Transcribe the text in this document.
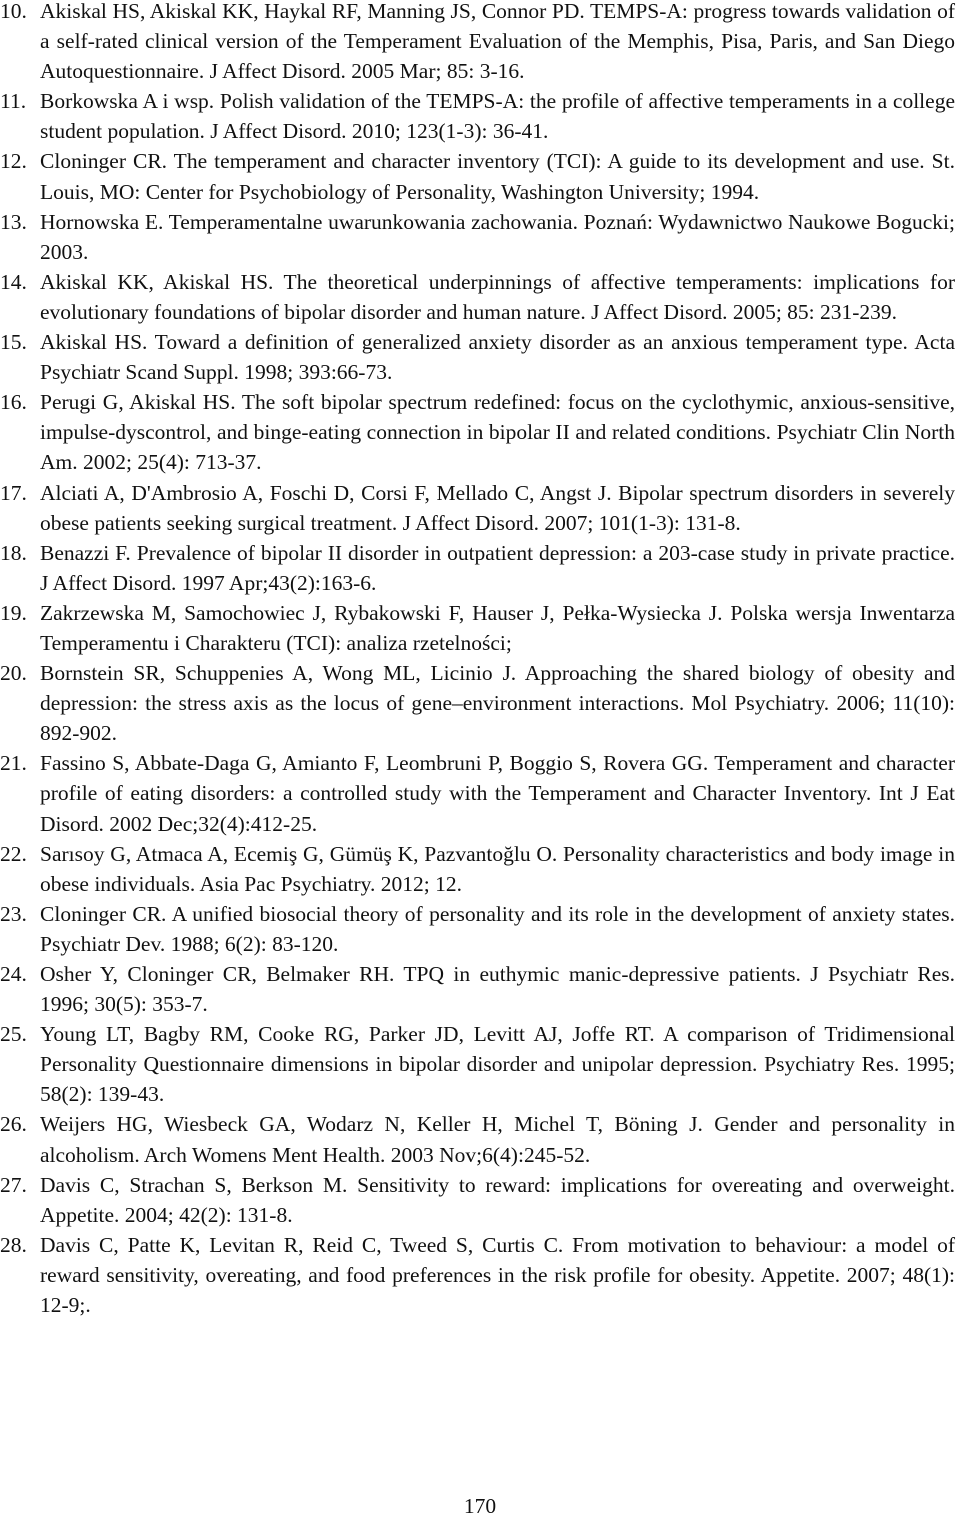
10. Akiskal HS, Akiskal KK, Haykal RF, Manning JS, Connor PD. TEMPS-A: progress towards validation of a self-rated clinical version of the Temperament Evaluation of the Memphis, Pisa, Paris, and San Diego Autoquestionnaire. J Affect Disord. 2005 Mar; 85: 3-16.
11. Borkowska A i wsp. Polish validation of the TEMPS-A: the profile of affective temperaments in a college student population. J Affect Disord. 2010; 123(1-3): 36-41.
12. Cloninger CR. The temperament and character inventory (TCI): A guide to its development and use. St. Louis, MO: Center for Psychobiology of Personality, Washington University; 1994.
13. Hornowska E. Temperamentalne uwarunkowania zachowania. Poznań: Wydawnictwo Naukowe Bogucki; 2003.
14. Akiskal KK, Akiskal HS. The theoretical underpinnings of affective temperaments: implications for evolutionary foundations of bipolar disorder and human nature. J Affect Disord. 2005; 85: 231-239.
15. Akiskal HS. Toward a definition of generalized anxiety disorder as an anxious temperament type. Acta Psychiatr Scand Suppl. 1998; 393:66-73.
16. Perugi G, Akiskal HS. The soft bipolar spectrum redefined: focus on the cyclothymic, anxious-sensitive, impulse-dyscontrol, and binge-eating connection in bipolar II and related conditions. Psychiatr Clin North Am. 2002; 25(4): 713-37.
17. Alciati A, D'Ambrosio A, Foschi D, Corsi F, Mellado C, Angst J. Bipolar spectrum disorders in severely obese patients seeking surgical treatment. J Affect Disord. 2007; 101(1-3): 131-8.
18. Benazzi F. Prevalence of bipolar II disorder in outpatient depression: a 203-case study in private practice. J Affect Disord. 1997 Apr;43(2):163-6.
19. Zakrzewska M, Samochowiec J, Rybakowski F, Hauser J, Pełka-Wysiecka J. Polska wersja Inwentarza Temperamentu i Charakteru (TCI): analiza rzetelności;
20. Bornstein SR, Schuppenies A, Wong ML, Licinio J. Approaching the shared biology of obesity and depression: the stress axis as the locus of gene–environment interactions. Mol Psychiatry. 2006; 11(10): 892-902.
21. Fassino S, Abbate-Daga G, Amianto F, Leombruni P, Boggio S, Rovera GG. Temperament and character profile of eating disorders: a controlled study with the Temperament and Character Inventory. Int J Eat Disord. 2002 Dec;32(4):412-25.
22. Sarısoy G, Atmaca A, Ecemiş G, Gümüş K, Pazvantoğlu O. Personality characteristics and body image in obese individuals. Asia Pac Psychiatry. 2012; 12.
23. Cloninger CR. A unified biosocial theory of personality and its role in the development of anxiety states. Psychiatr Dev. 1988; 6(2): 83-120.
24. Osher Y, Cloninger CR, Belmaker RH. TPQ in euthymic manic-depressive patients. J Psychiatr Res. 1996; 30(5): 353-7.
25. Young LT, Bagby RM, Cooke RG, Parker JD, Levitt AJ, Joffe RT. A comparison of Tridimensional Personality Questionnaire dimensions in bipolar disorder and unipolar depression. Psychiatry Res. 1995; 58(2): 139-43.
26. Weijers HG, Wiesbeck GA, Wodarz N, Keller H, Michel T, Böning J. Gender and personality in alcoholism. Arch Womens Ment Health. 2003 Nov;6(4):245-52.
27. Davis C, Strachan S, Berkson M. Sensitivity to reward: implications for overeating and overweight. Appetite. 2004; 42(2): 131-8.
28. Davis C, Patte K, Levitan R, Reid C, Tweed S, Curtis C. From motivation to behaviour: a model of reward sensitivity, overeating, and food preferences in the risk profile for obesity. Appetite. 2007; 48(1): 12-9;.
170
